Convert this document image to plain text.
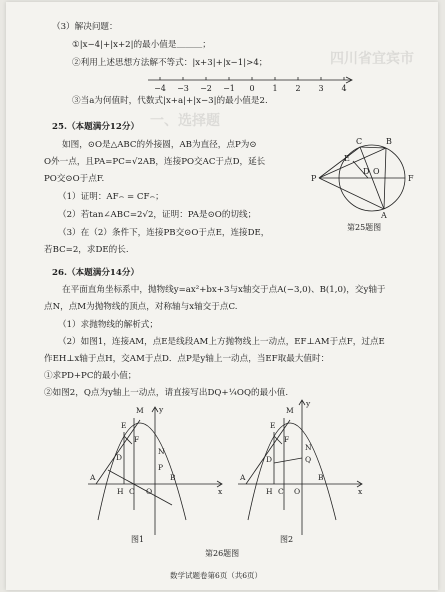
四川省宜宾市
一、选择题
（3）解决问题：
①|x−4|+|x+2|的最小值是＿＿＿；
②利用上述思想方法解不等式：|x+3|+|x−1|>4；
−4 −3 −2 −1 0 1 2 3 4
③当a为何值时，代数式|x+a|+|x−3|的最小值是2.
25.（本题满分12分）
如图，⊙O是△ABC的外接圆，AB为直径，点P为⊙
O外一点，且PA=PC=√2AB，连接PO交AC于点D，延长
PO交⊙O于点F.
（1）证明：AF⌢ = CF⌢；
（2）若tan∠ABC=2√2，证明：PA是⊙O的切线；
（3）在（2）条件下，连接PB交⊙O于点E，连接DE，
若BC=2，求DE的长.
C	B
E
D O
F
P
A
第25题图
26.（本题满分14分）
在平面直角坐标系中，抛物线y=ax²+bx+3与x轴交于点A(−3,0)、B(1,0)，交y轴于
点N，点M为抛物线的顶点，对称轴与x轴交于点C.
（1）求抛物线的解析式；
（2）如图1，连接AM，点E是线段AM上方抛物线上一动点，EF⊥AM于点F，过点E
作EH⊥x轴于点H，交AM于点D．点P是y轴上一动点，当EF取最大值时：
①求PD+PC的最小值；
②如图2，Q点为y轴上一动点，请直接写出DQ+¼OQ的最小值.
y
M
E
F
N
D
P
B
A
H C O	x
图1
y
M
E
F
N
D	Q
B
A
H C O	x
图2
第26题图
数学试题卷第6页（共6页）
